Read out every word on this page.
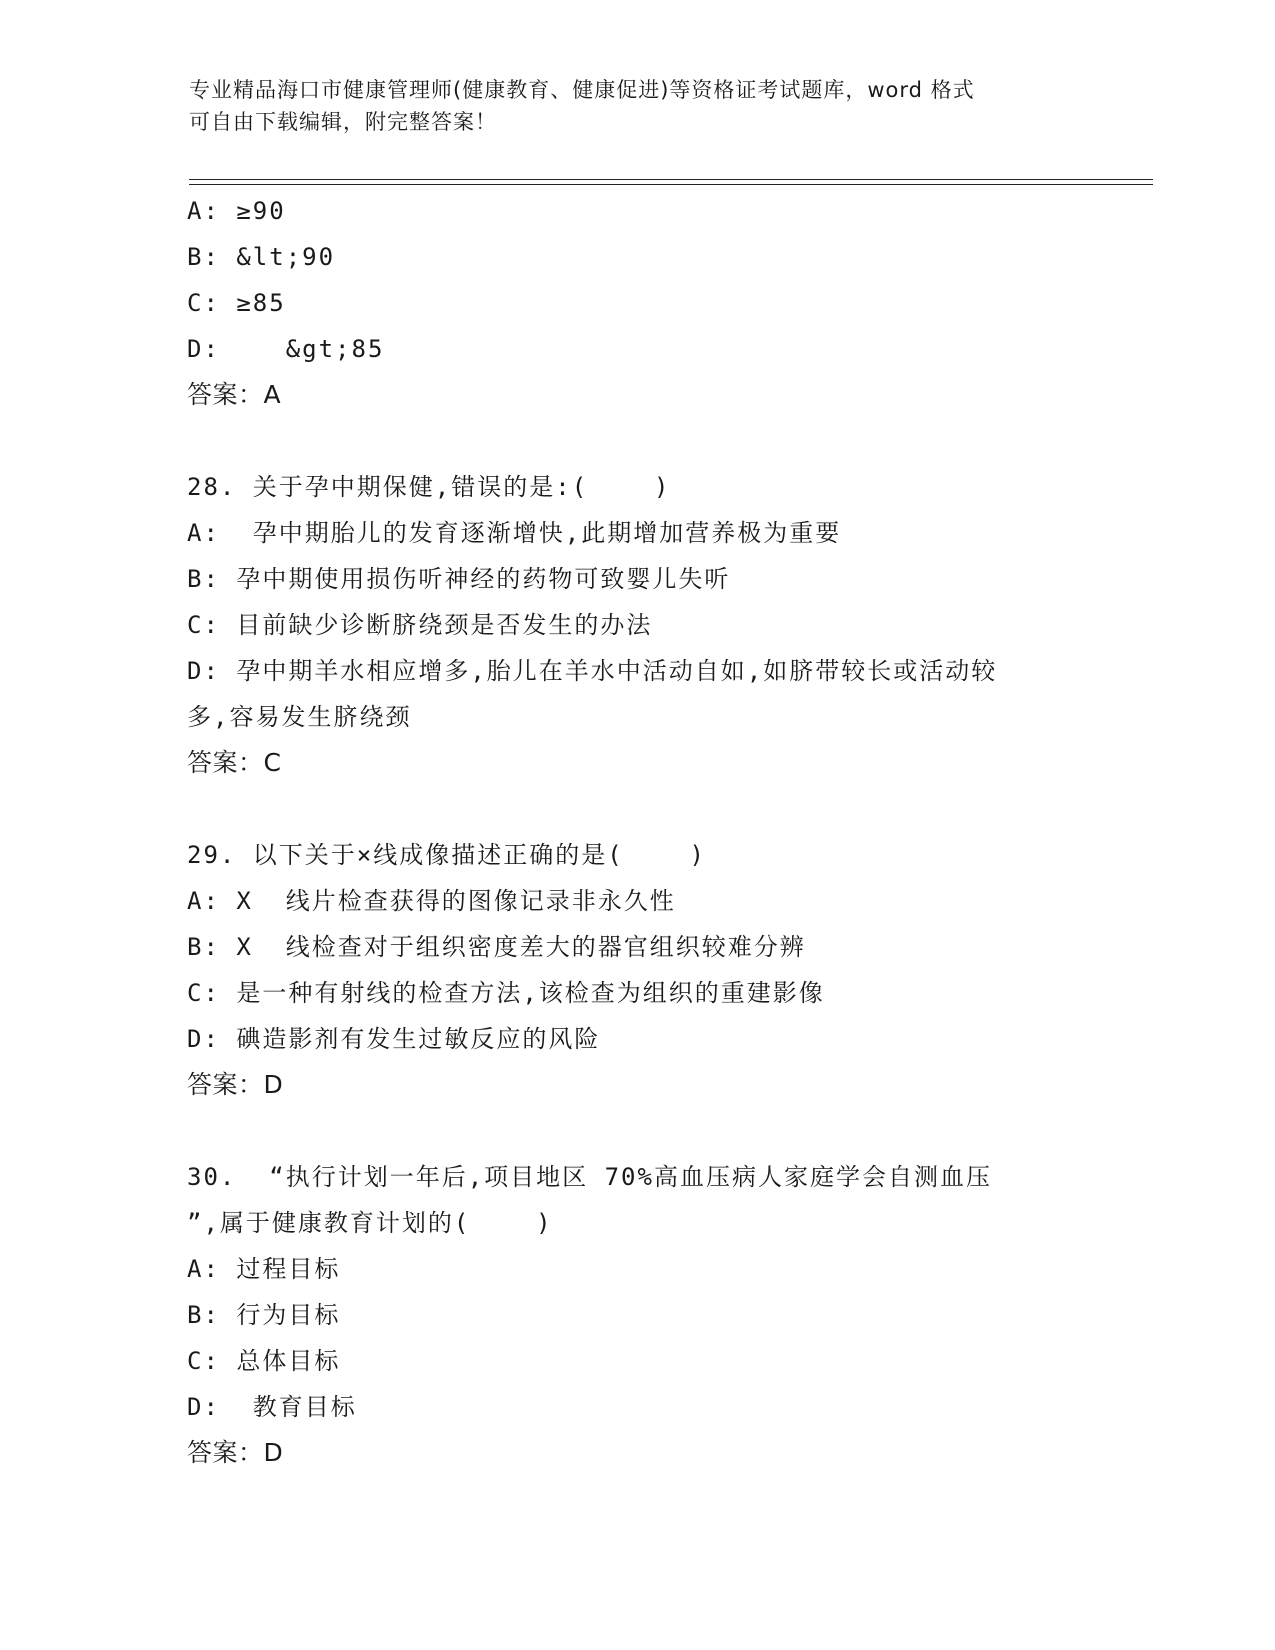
专业精品海口市健康管理师(健康教育、健康促进)等资格证考试题库，word 格式
可自由下载编辑，附完整答案！
A: ≥90
B: &lt;90
C: ≥85
D:    &gt;85
答案：A
28. 关于孕中期保健,错误的是:(    )
A:  孕中期胎儿的发育逐渐增快,此期增加营养极为重要
B: 孕中期使用损伤听神经的药物可致婴儿失听
C: 目前缺少诊断脐绕颈是否发生的办法
D: 孕中期羊水相应增多,胎儿在羊水中活动自如,如脐带较长或活动较
多,容易发生脐绕颈
答案：C
29. 以下关于×线成像描述正确的是(    )
A: X  线片检查获得的图像记录非永久性
B: X  线检查对于组织密度差大的器官组织较难分辨
C: 是一种有射线的检查方法,该检查为组织的重建影像
D: 碘造影剂有发生过敏反应的风险
答案：D
30.  “执行计划一年后,项目地区 70%高血压病人家庭学会自测血压
”,属于健康教育计划的(    )
A: 过程目标
B: 行为目标
C: 总体目标
D:  教育目标
答案：D
